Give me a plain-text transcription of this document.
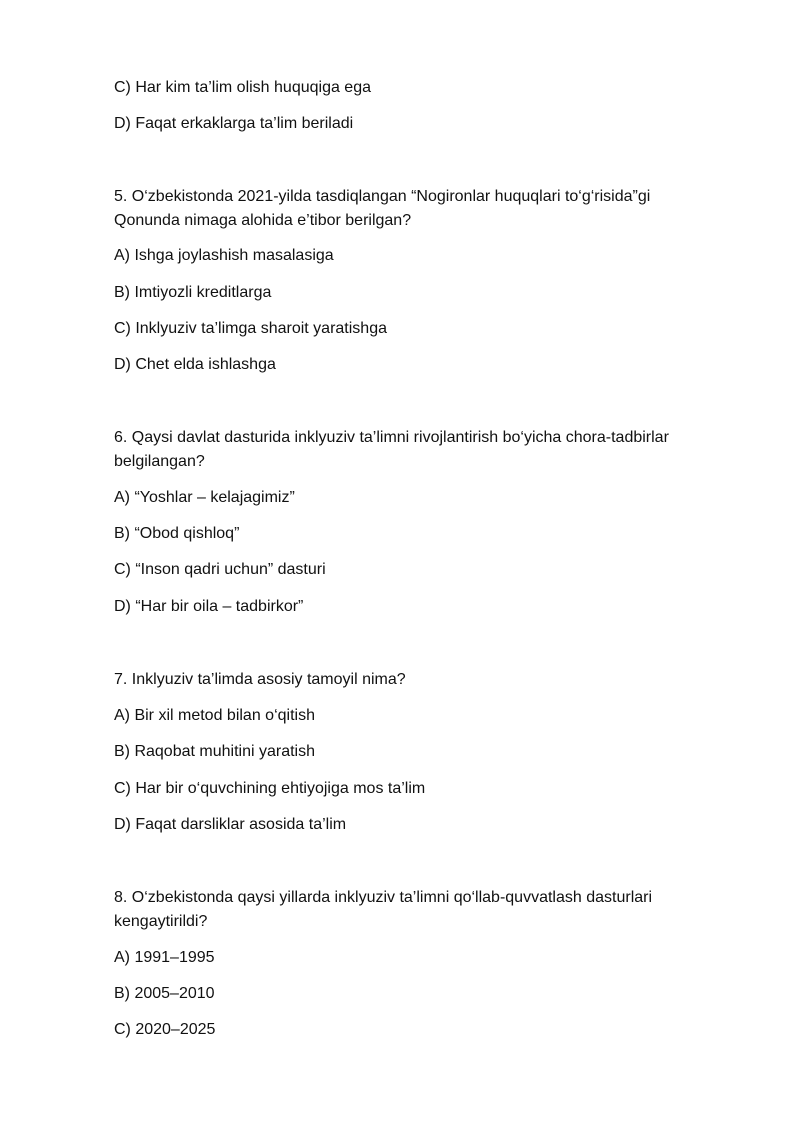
C) Har kim ta’lim olish huquqiga ega
D) Faqat erkaklarga ta’lim beriladi
5. O‘zbekistonda 2021-yilda tasdiqlangan “Nogironlar huquqlari to‘g‘risida”gi
Qonunda nimaga alohida e’tibor berilgan?
A) Ishga joylashish masalasiga
B) Imtiyozli kreditlarga
C) Inklyuziv ta’limga sharoit yaratishga
D) Chet elda ishlashga
6. Qaysi davlat dasturida inklyuziv ta’limni rivojlantirish bo‘yicha chora-tadbirlar
belgilangan?
A) “Yoshlar – kelajagimiz”
B) “Obod qishloq”
C) “Inson qadri uchun” dasturi
D) “Har bir oila – tadbirkor”
7. Inklyuziv ta’limda asosiy tamoyil nima?
A) Bir xil metod bilan o‘qitish
B) Raqobat muhitini yaratish
C) Har bir o‘quvchining ehtiyojiga mos ta’lim
D) Faqat darsliklar asosida ta’lim
8. O‘zbekistonda qaysi yillarda inklyuziv ta’limni qo‘llab-quvvatlash dasturlari
kengaytirildi?
A) 1991–1995
B) 2005–2010
C) 2020–2025
